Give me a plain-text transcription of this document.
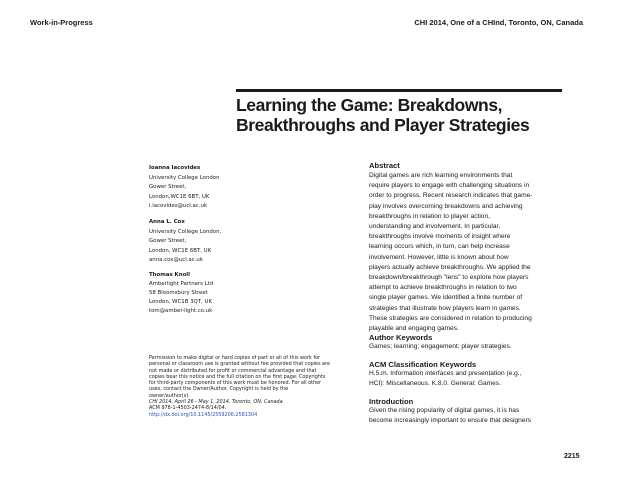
Work-in-Progress	CHI 2014, One of a CHInd, Toronto, ON, Canada
Learning the Game: Breakdowns,
Breakthroughs and Player Strategies
Ioanna Iacovides
University College London
Gower Street,
London,WC1E 6BT, UK
i.iacovides@ucl.ac.uk
Anna L. Cox
University College London,
Gower Street,
London, WC1E 6BT, UK
anna.cox@ucl.ac.uk
Thomas Knoll
Amberlight Partners Ltd
58 Bloomsbury Street
London, WC1B 3QT, UK
tom@amber-light.co.uk
Permission to make digital or hard copies of part or all of this work for
personal or classroom use is granted without fee provided that copies are
not made or distributed for profit or commercial advantage and that
copies bear this notice and the full citation on the first page. Copyrights
for third-party components of this work must be honored. For all other
uses, contact the Owner/Author. Copyright is held by the
owner/author(s).
CHI 2014, April 26 - May 1, 2014, Toronto, ON, Canada.
ACM 978-1-4503-2474-8/14/04.
http://dx.doi.org/10.1145/2559206.2581304
Abstract
Digital games are rich learning environments that
require players to engage with challenging situations in
order to progress. Recent research indicates that game-
play involves overcoming breakdowns and achieving
breakthroughs in relation to player action,
understanding and involvement. In particular,
breakthroughs involve moments of insight where
learning occurs which, in turn, can help increase
involvement. However, little is known about how
players actually achieve breakthroughs. We applied the
breakdown/breakthrough "lens" to explore how players
attempt to achieve breakthroughs in relation to two
single player games. We identified a finite number of
strategies that illustrate how players learn in games.
These strategies are considered in relation to producing
playable and engaging games.
Author Keywords
Games; learning; engagement; player strategies.
ACM Classification Keywords
H.5.m. Information interfaces and presentation (e.g.,
HCI): Miscellaneous. K.8.0. General: Games.
Introduction
Given the rising popularity of digital games, it is has
become increasingly important to ensure that designers
2215
